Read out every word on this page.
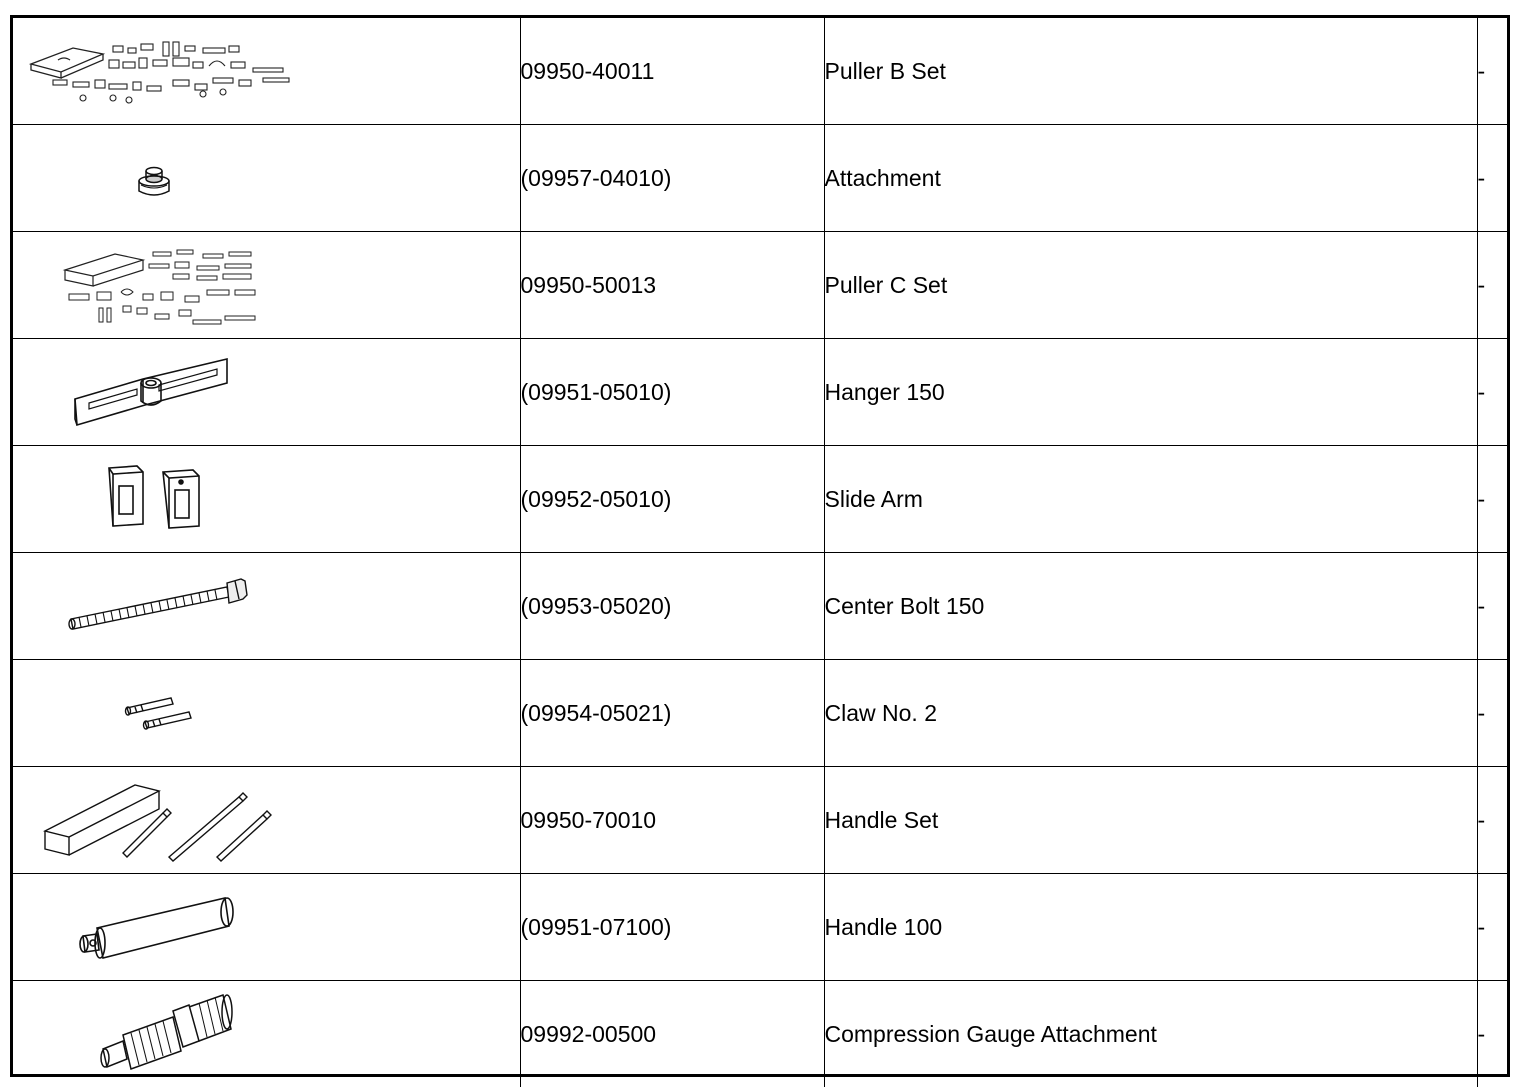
	09950-40011	Puller B Set	-

	(09957-04010)	Attachment	-

	09950-50013	Puller C Set	-

	(09951-05010)	Hanger 150	-

	(09952-05010)	Slide Arm	-

	(09953-05020)	Center Bolt 150	-

	(09954-05021)	Claw No. 2	-

	09950-70010	Handle Set	-

	(09951-07100)	Handle 100	-

	09992-00500	Compression Gauge Attachment	-
